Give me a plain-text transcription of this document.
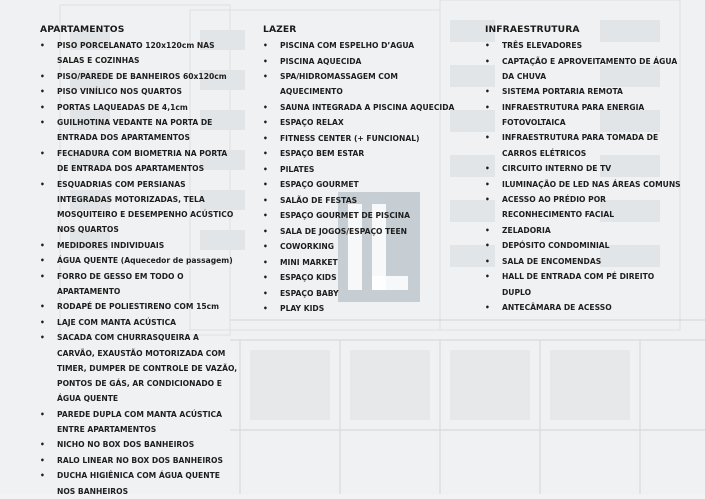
APARTAMENTOS
• PISO PORCELANATO 120x120cm NAS
SALAS E COZINHAS
• PISO/PAREDE DE BANHEIROS 60x120cm
• PISO VINÍLICO NOS QUARTOS
• PORTAS LAQUEADAS DE 4,1cm
• GUILHOTINA VEDANTE NA PORTA DE
ENTRADA DOS APARTAMENTOS
• FECHADURA COM BIOMETRIA NA PORTA
DE ENTRADA DOS APARTAMENTOS
• ESQUADRIAS COM PERSIANAS
INTEGRADAS MOTORIZADAS, TELA
MOSQUITEIRO E DESEMPENHO ACÚSTICO
NOS QUARTOS
• MEDIDORES INDIVIDUAIS
• ÁGUA QUENTE (Aquecedor de passagem)
• FORRO DE GESSO EM TODO O
APARTAMENTO
• RODAPÉ DE POLIESTIRENO COM 15cm
• LAJE COM MANTA ACÚSTICA
• SACADA COM CHURRASQUEIRA A
CARVÃO, EXAUSTÃO MOTORIZADA COM
TIMER, DUMPER DE CONTROLE DE VAZÃO,
PONTOS DE GÁS, AR CONDICIONADO E
ÁGUA QUENTE
• PAREDE DUPLA COM MANTA ACÚSTICA
ENTRE APARTAMENTOS
• NICHO NO BOX DOS BANHEIROS
• RALO LINEAR NO BOX DOS BANHEIROS
• DUCHA HIGIÊNICA COM ÁGUA QUENTE
NOS BANHEIROS
LAZER
• PISCINA COM ESPELHO D’AGUA
• PISCINA AQUECIDA
• SPA/HIDROMASSAGEM COM
AQUECIMENTO
• SAUNA INTEGRADA A PISCINA AQUECIDA
• ESPAÇO RELAX
• FITNESS CENTER (+ FUNCIONAL)
• ESPAÇO BEM ESTAR
• PILATES
• ESPAÇO GOURMET
• SALÃO DE FESTAS
• ESPAÇO GOURMET DE PISCINA
• SALA DE JOGOS/ESPAÇO TEEN
• COWORKING
• MINI MARKET
• ESPAÇO KIDS
• ESPAÇO BABY
• PLAY KIDS
INFRAESTRUTURA
• TRÊS ELEVADORES
• CAPTAÇÃO E APROVEITAMENTO DE ÁGUA
DA CHUVA
• SISTEMA PORTARIA REMOTA
• INFRAESTRUTURA PARA ENERGIA
FOTOVOLTAICA
• INFRAESTRUTURA PARA TOMADA DE
CARROS ELÉTRICOS
• CIRCUITO INTERNO DE TV
• ILUMINAÇÃO DE LED NAS ÁREAS COMUNS
• ACESSO AO PRÉDIO POR
RECONHECIMENTO FACIAL
• ZELADORIA
• DEPÓSITO CONDOMINIAL
• SALA DE ENCOMENDAS
• HALL DE ENTRADA COM PÉ DIREITO
DUPLO
• ANTECÂMARA DE ACESSO
